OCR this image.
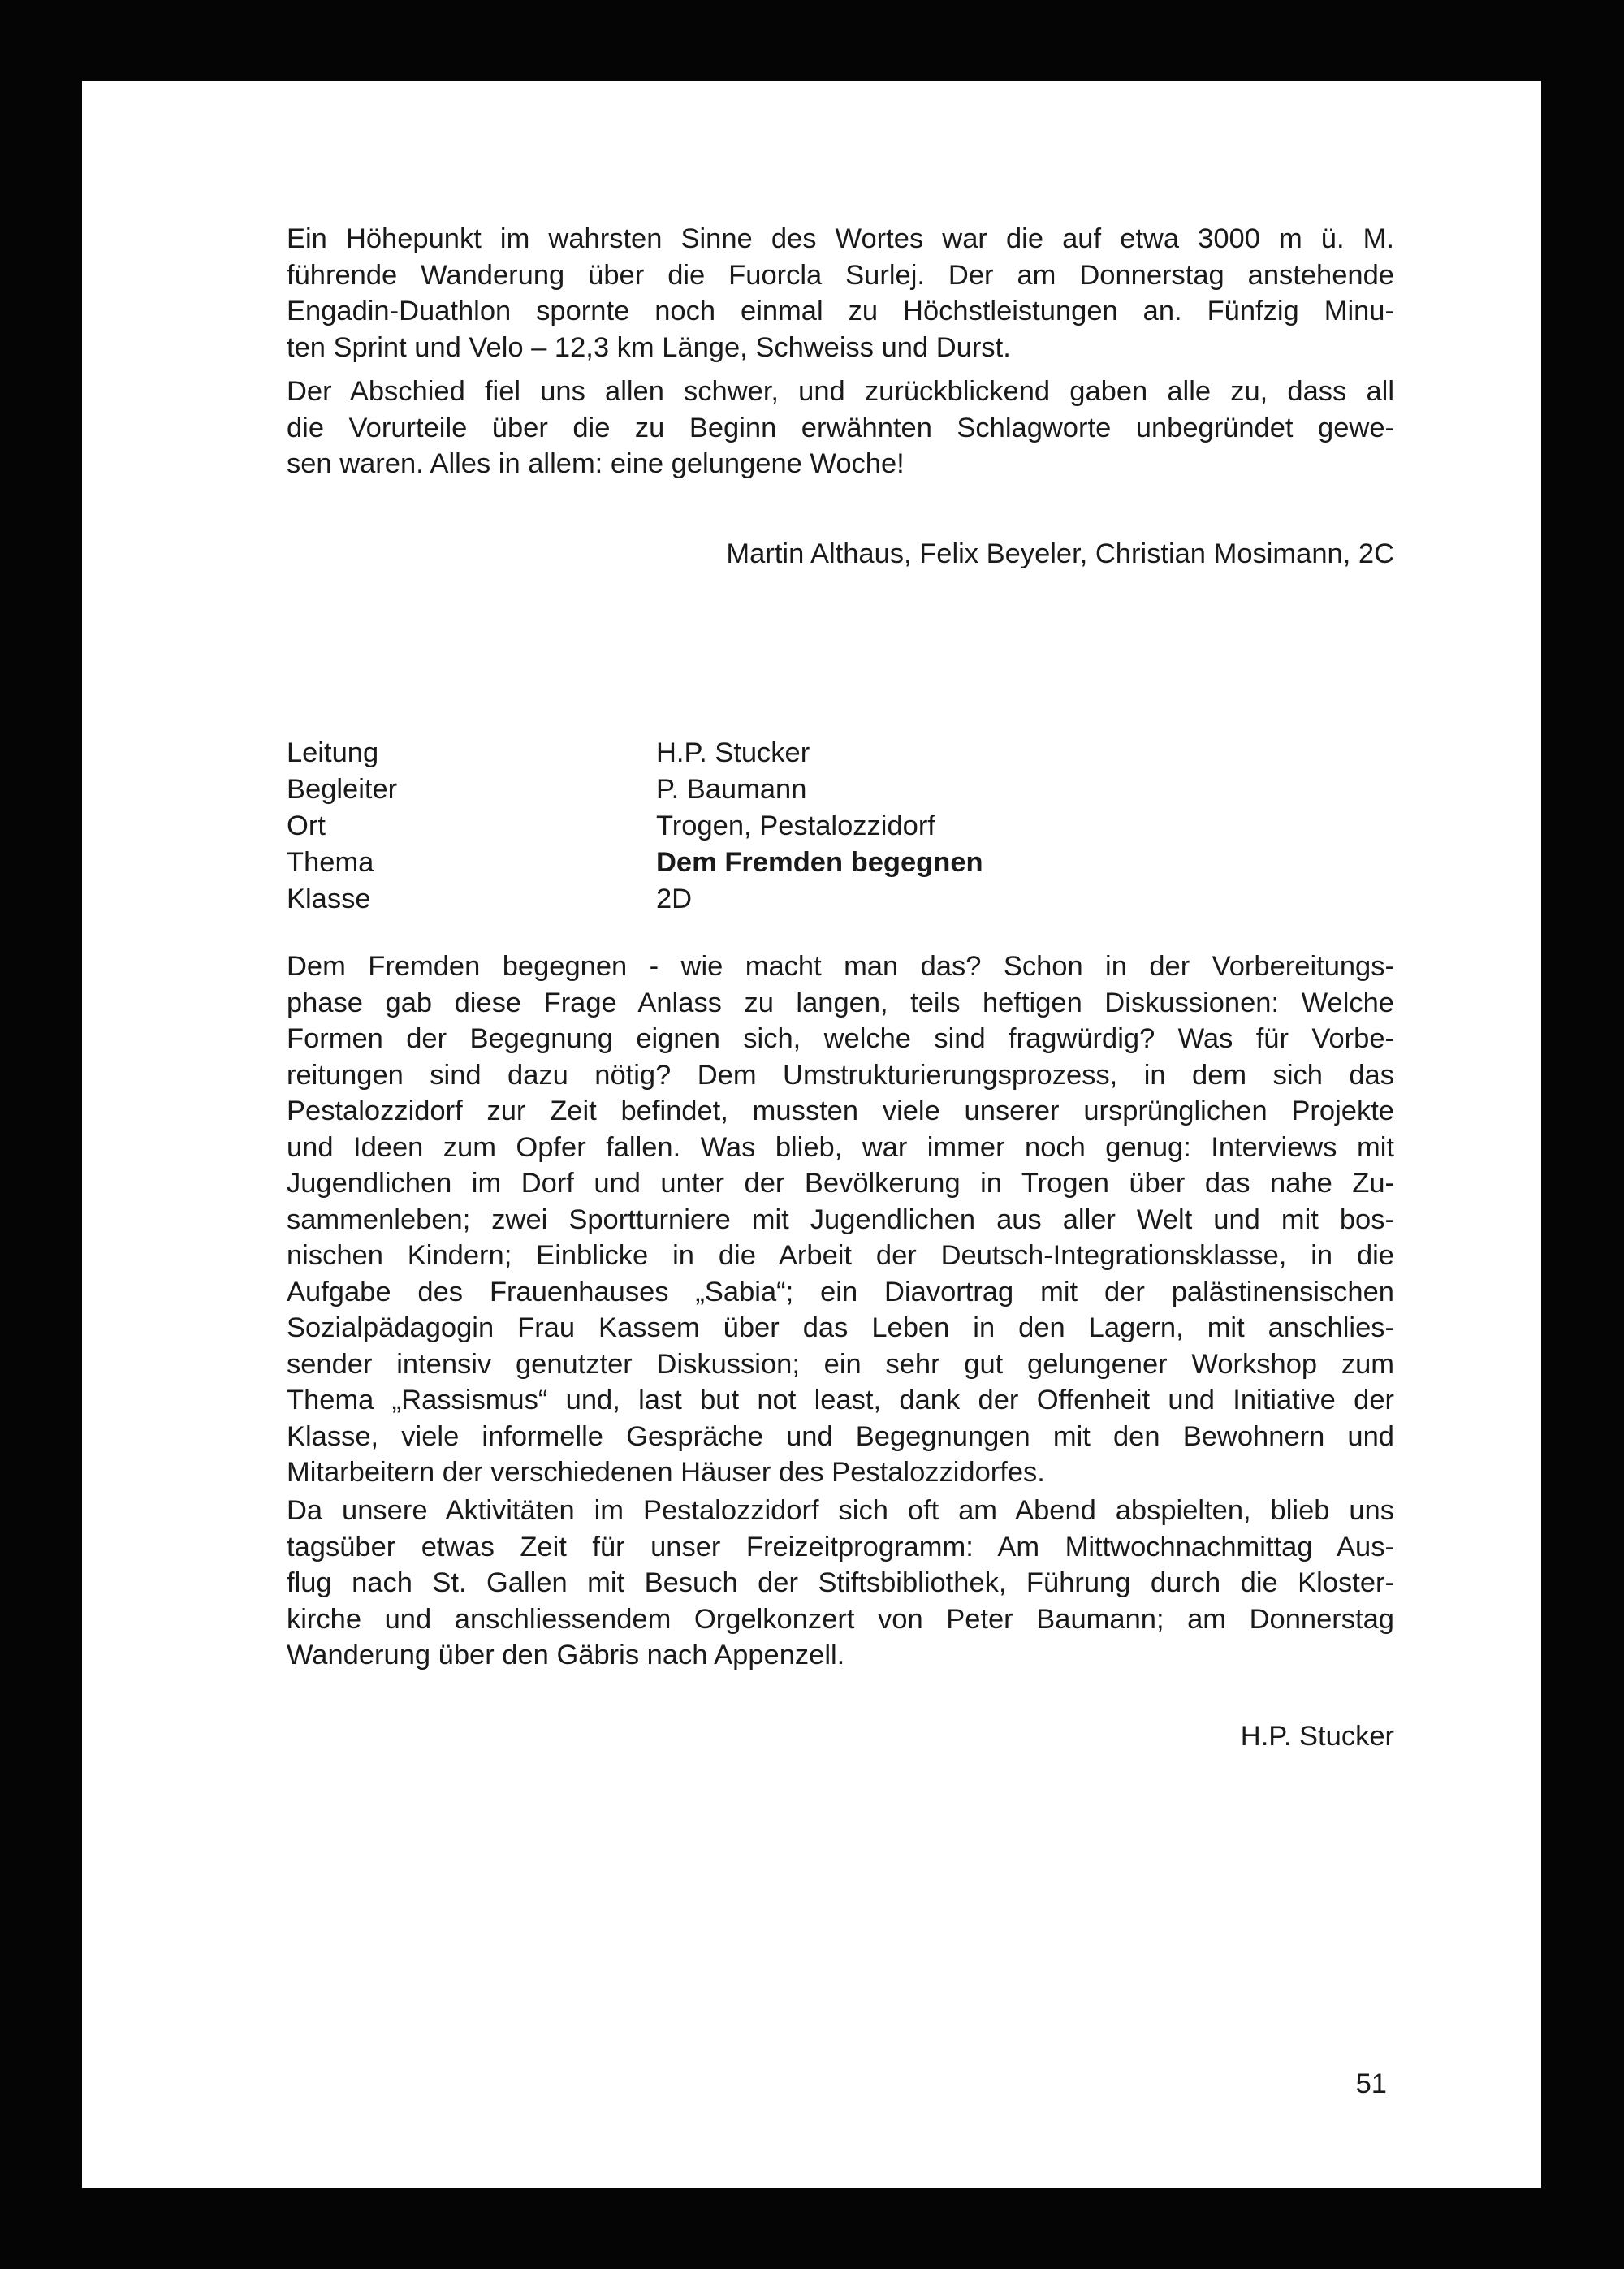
Ein Höhepunkt im wahrsten Sinne des Wortes war die auf etwa 3000 m ü. M.
führende Wanderung über die Fuorcla Surlej. Der am Donnerstag anstehende
Engadin-Duathlon spornte noch einmal zu Höchstleistungen an. Fünfzig Minu-
ten Sprint und Velo – 12,3 km Länge, Schweiss und Durst.
Der Abschied fiel uns allen schwer, und zurückblickend gaben alle zu, dass all
die Vorurteile über die zu Beginn erwähnten Schlagworte unbegründet gewe-
sen waren. Alles in allem: eine gelungene Woche!
Martin Althaus, Felix Beyeler, Christian Mosimann, 2C
Leitung	H.P. Stucker
Begleiter	P. Baumann
Ort	Trogen, Pestalozzidorf
Thema	Dem Fremden begegnen
Klasse	2D
Dem Fremden begegnen - wie macht man das? Schon in der Vorbereitungs-
phase gab diese Frage Anlass zu langen, teils heftigen Diskussionen: Welche
Formen der Begegnung eignen sich, welche sind fragwürdig? Was für Vorbe-
reitungen sind dazu nötig? Dem Umstrukturierungsprozess, in dem sich das
Pestalozzidorf zur Zeit befindet, mussten viele unserer ursprünglichen Projekte
und Ideen zum Opfer fallen. Was blieb, war immer noch genug: Interviews mit
Jugendlichen im Dorf und unter der Bevölkerung in Trogen über das nahe Zu-
sammenleben; zwei Sportturniere mit Jugendlichen aus aller Welt und mit bos-
nischen Kindern; Einblicke in die Arbeit der Deutsch-Integrationsklasse, in die
Aufgabe des Frauenhauses „Sabia“; ein Diavortrag mit der palästinensischen
Sozialpädagogin Frau Kassem über das Leben in den Lagern, mit anschlies-
sender intensiv genutzter Diskussion; ein sehr gut gelungener Workshop zum
Thema „Rassismus“ und, last but not least, dank der Offenheit und Initiative der
Klasse, viele informelle Gespräche und Begegnungen mit den Bewohnern und
Mitarbeitern der verschiedenen Häuser des Pestalozzidorfes.
Da unsere Aktivitäten im Pestalozzidorf sich oft am Abend abspielten, blieb uns
tagsüber etwas Zeit für unser Freizeitprogramm: Am Mittwochnachmittag Aus-
flug nach St. Gallen mit Besuch der Stiftsbibliothek, Führung durch die Kloster-
kirche und anschliessendem Orgelkonzert von Peter Baumann; am Donnerstag
Wanderung über den Gäbris nach Appenzell.
H.P. Stucker
51
